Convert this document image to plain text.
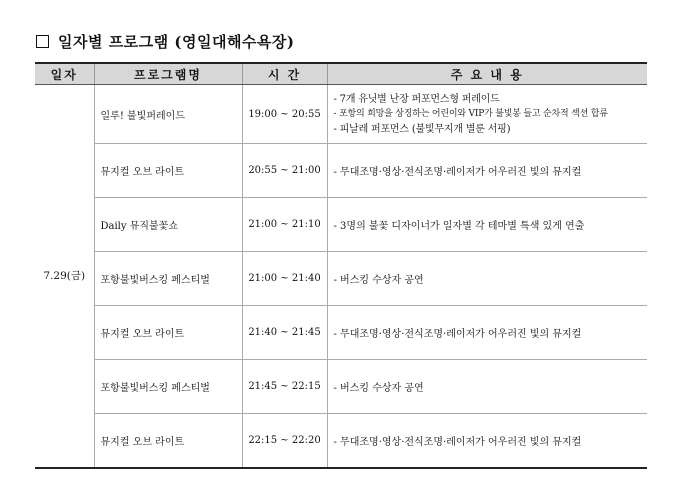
일자별 프로그램 (영일대해수욕장)
일자	프로그램명	시 간	주 요 내 용
7.29(금)	일루! 불빛퍼레이드	19:00 ~ 20:55	- 7개 유닛별 난장 퍼포먼스형 퍼레이드
- 포항의 희망을 상징하는 어린이와 VIP가 불빛봉 들고 순차적 섹션 합류
- 피날레 퍼포먼스 (불빛무지개 별룬 서핑)

	뮤지컬 오브 라이트	20:55 ~ 21:00	- 무대조명·영상·전식조명·레이저가 어우러진 빛의 뮤지컬
	Daily 뮤직불꽃쇼	21:00 ~ 21:10	- 3명의 불꽃 디자이너가 일자별 각 테마별 특색 있게 연출
	포항불빛버스킹 페스티벌	21:00 ~ 21:40	- 버스킹 수상자 공연
	뮤지컬 오브 라이트	21:40 ~ 21:45	- 무대조명·영상·전식조명·레이저가 어우러진 빛의 뮤지컬
	포항불빛버스킹 페스티벌	21:45 ~ 22:15	- 버스킹 수상자 공연
	뮤지컬 오브 라이트	22:15 ~ 22:20	- 무대조명·영상·전식조명·레이저가 어우러진 빛의 뮤지컬
